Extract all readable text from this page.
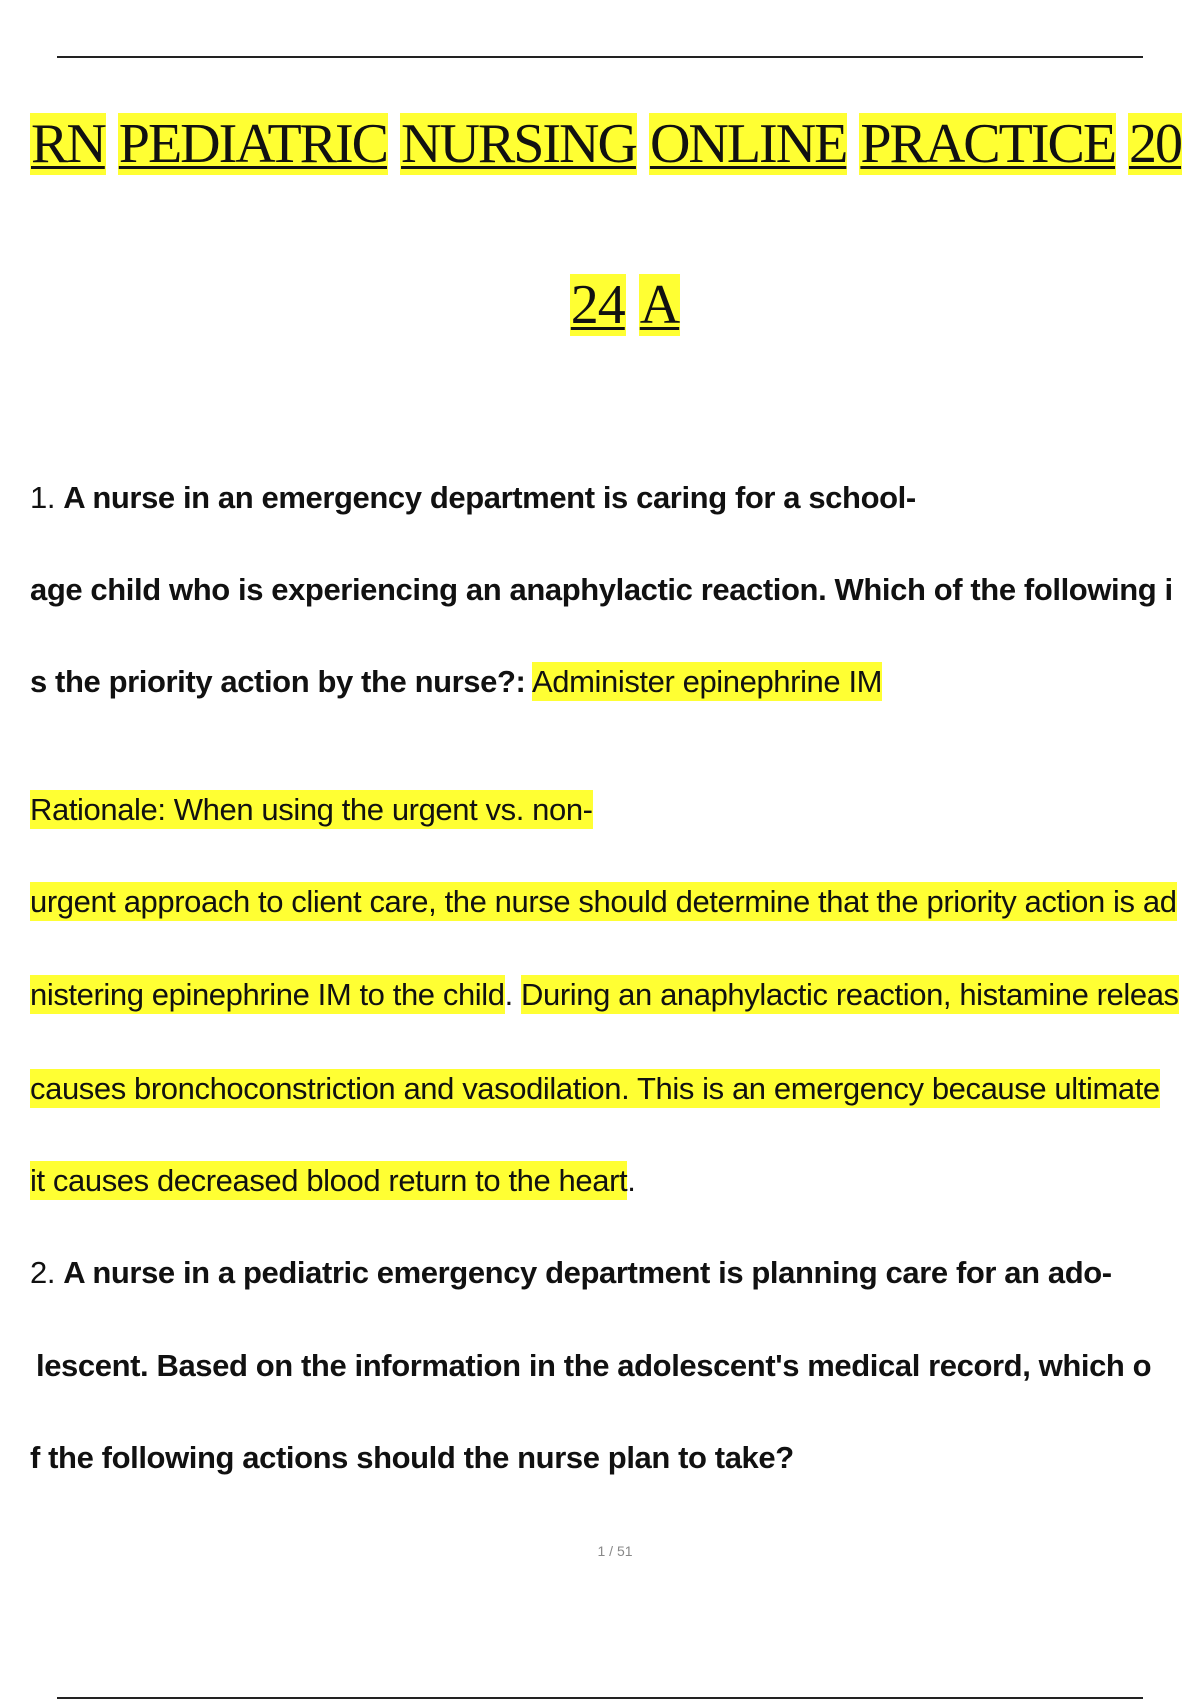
RN PEDIATRIC NURSING ONLINE PRACTICE 20
24 A
1. A nurse in an emergency department is caring for a school-
age child who is experiencing an anaphylactic reaction. Which of the following i
s the priority action by the nurse?: Administer epinephrine IM
Rationale: When using the urgent vs. non-
urgent approach to client care, the nurse should determine that the priority action is ad
nistering epinephrine IM to the child. During an anaphylactic reaction, histamine releas
causes bronchoconstriction and vasodilation. This is an emergency because ultimate
it causes decreased blood return to the heart.
2. A nurse in a pediatric emergency department is planning care for an ado-
lescent. Based on the information in the adolescent's medical record, which o
f the following actions should the nurse plan to take?
1 / 51
